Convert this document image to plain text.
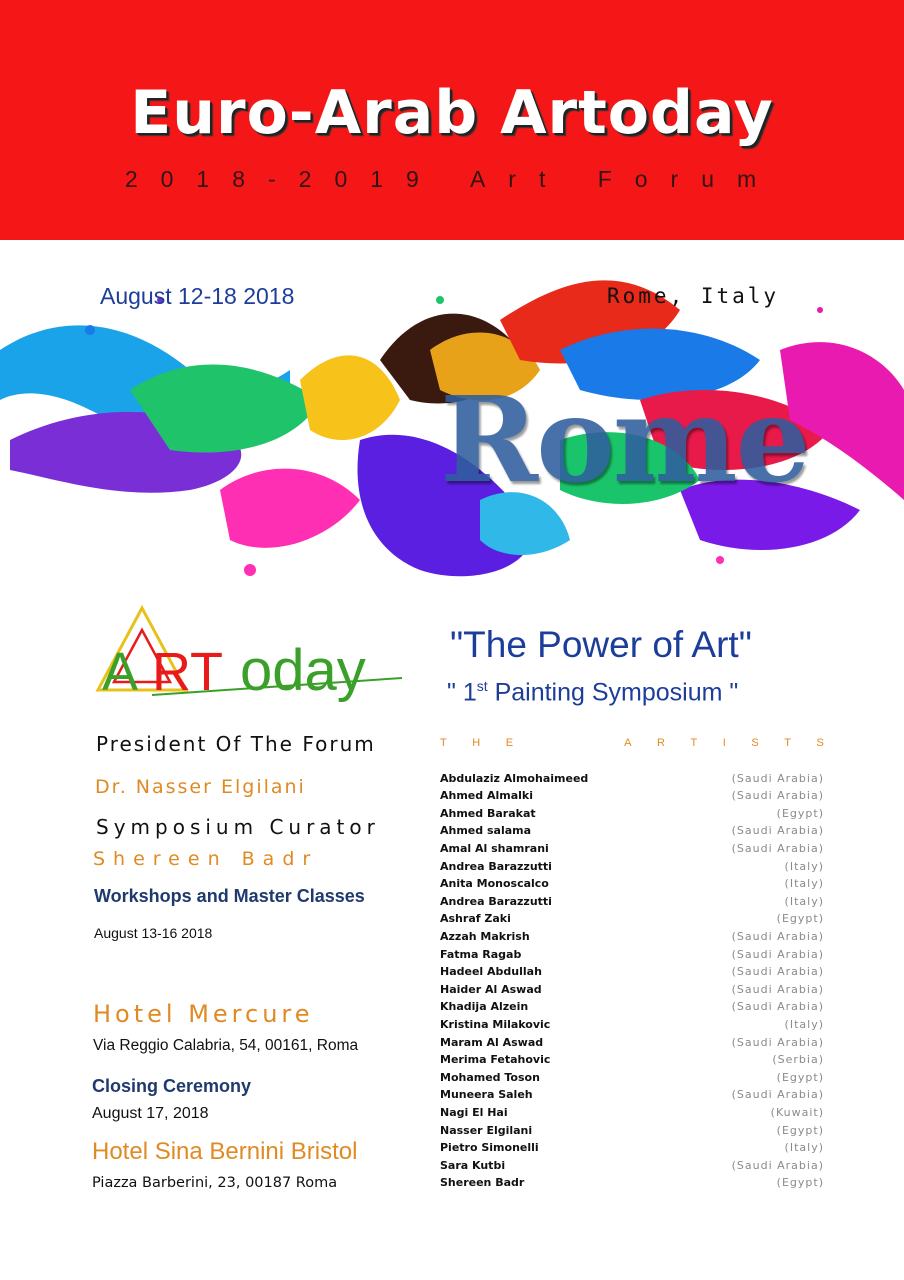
Euro-Arab Artoday
2018-2019 Art Forum
Rome
August 12-18 2018	Rome, Italy
A RT oday "The Power of Art"
" 1st Painting Symposium "
President Of The Forum
Dr. Nasser Elgilani
Symposium Curator
Shereen Badr
Workshops and Master Classes
August 13-16 2018
Hotel Mercure
Via Reggio Calabria, 54, 00161, Roma
Closing Ceremony
August 17, 2018
Hotel Sina Bernini Bristol
Piazza Barberini, 23, 00187 Roma
T H E	A R T I S T S
Abdulaziz Almohaimeed	(Saudi Arabia)
Ahmed Almalki	(Saudi Arabia)
Ahmed Barakat	(Egypt)
Ahmed salama	(Saudi Arabia)
Amal Al shamrani	(Saudi Arabia)
Andrea Barazzutti	(Italy)
Anita Monoscalco	(Italy)
Andrea Barazzutti	(Italy)
Ashraf Zaki	(Egypt)
Azzah Makrish	(Saudi Arabia)
Fatma Ragab	(Saudi Arabia)
Hadeel Abdullah	(Saudi Arabia)
Haider Al Aswad	(Saudi Arabia)
Khadija Alzein	(Saudi Arabia)
Kristina Milakovic	(Italy)
Maram Al Aswad	(Saudi Arabia)
Merima Fetahovic	(Serbia)
Mohamed Toson	(Egypt)
Muneera Saleh	(Saudi Arabia)
Nagi El Hai	(Kuwait)
Nasser Elgilani	(Egypt)
Pietro Simonelli	(Italy)
Sara Kutbi	(Saudi Arabia)
Shereen Badr	(Egypt)
